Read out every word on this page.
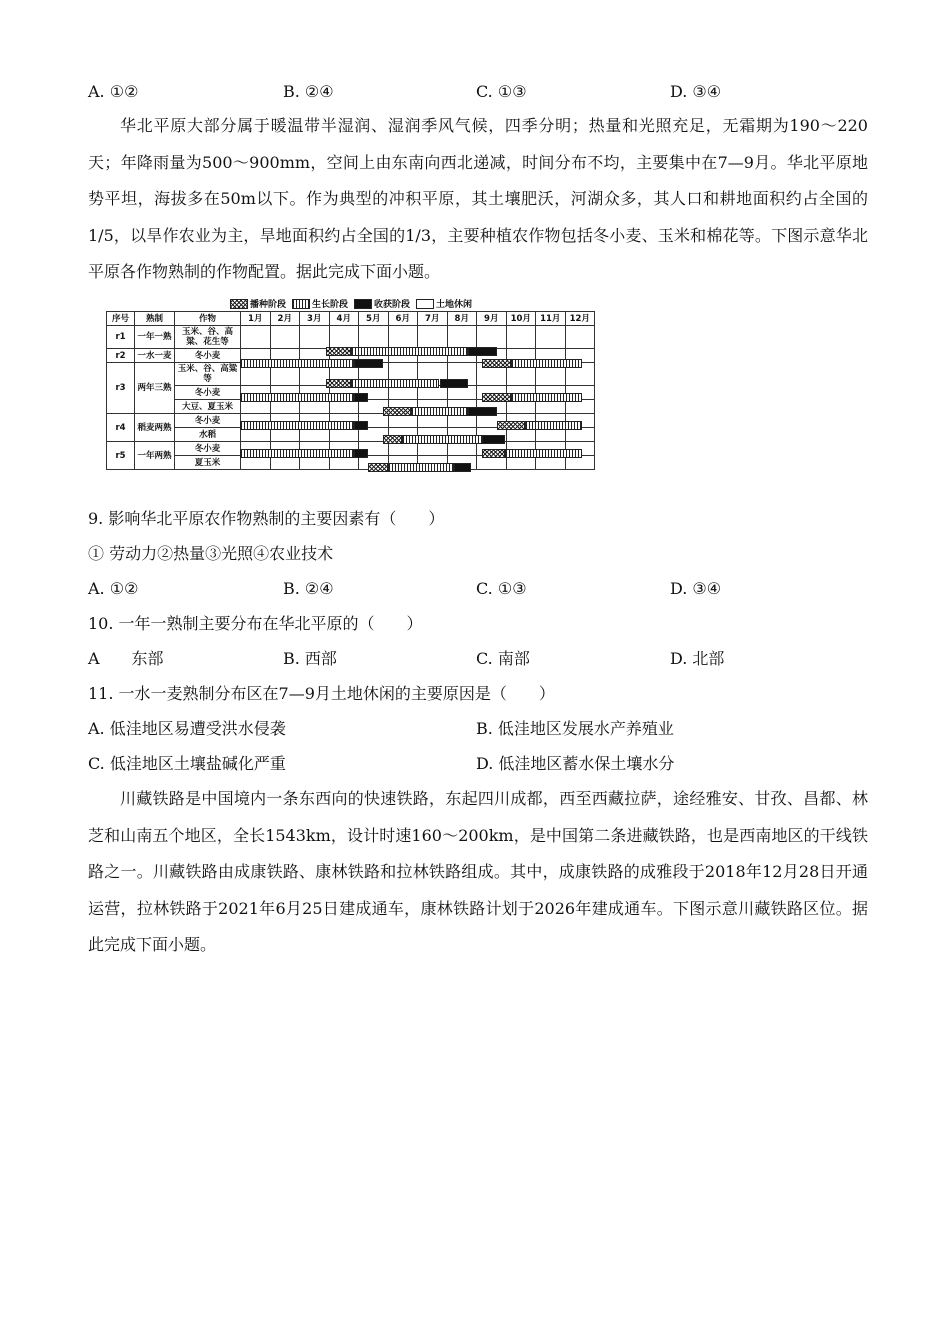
A. ①②	B. ②④	C. ①③	D. ③④
华北平原大部分属于暖温带半湿润、湿润季风气候，四季分明；热量和光照充足，无霜期为190～220天；年降雨量为500～900mm，空间上由东南向西北递减，时间分布不均，主要集中在7—9月。华北平原地势平坦，海拔多在50m以下。作为典型的冲积平原，其土壤肥沃，河湖众多，其人口和耕地面积约占全国的1/5，以旱作农业为主，旱地面积约占全国的1/3，主要种植农作物包括冬小麦、玉米和棉花等。下图示意华北平原各作物熟制的作物配置。据此完成下面小题。
播种阶段	生长阶段	收获阶段	土地休闲
序号	熟制	作物	1月	2月	3月	4月	5月	6月	7月	8月	9月	10月	11月	12月
r1	一年一熟	玉米、谷、高粱、花生等												
r2	一水一麦	冬小麦												
r3	两年三熟	玉米、谷、高粱等												
		冬小麦												
		大豆、夏玉米												
r4	稻麦两熟	冬小麦												
		水稻												
r5	一年两熟	冬小麦												
		夏玉米												
9. 影响华北平原农作物熟制的主要因素有（　　）
① 劳动力②热量③光照④农业技术
A. ①②	B. ②④	C. ①③	D. ③④
10. 一年一熟制主要分布在华北平原的（　　）
A　　东部	B. 西部	C. 南部	D. 北部
11. 一水一麦熟制分布区在7—9月土地休闲的主要原因是（　　）
A. 低洼地区易遭受洪水侵袭	B. 低洼地区发展水产养殖业
C. 低洼地区土壤盐碱化严重	D. 低洼地区蓄水保土壤水分
川藏铁路是中国境内一条东西向的快速铁路，东起四川成都，西至西藏拉萨，途经雅安、甘孜、昌都、林芝和山南五个地区，全长1543km，设计时速160～200km，是中国第二条进藏铁路，也是西南地区的干线铁路之一。川藏铁路由成康铁路、康林铁路和拉林铁路组成。其中，成康铁路的成雅段于2018年12月28日开通运营，拉林铁路于2021年6月25日建成通车，康林铁路计划于2026年建成通车。下图示意川藏铁路区位。据此完成下面小题。
